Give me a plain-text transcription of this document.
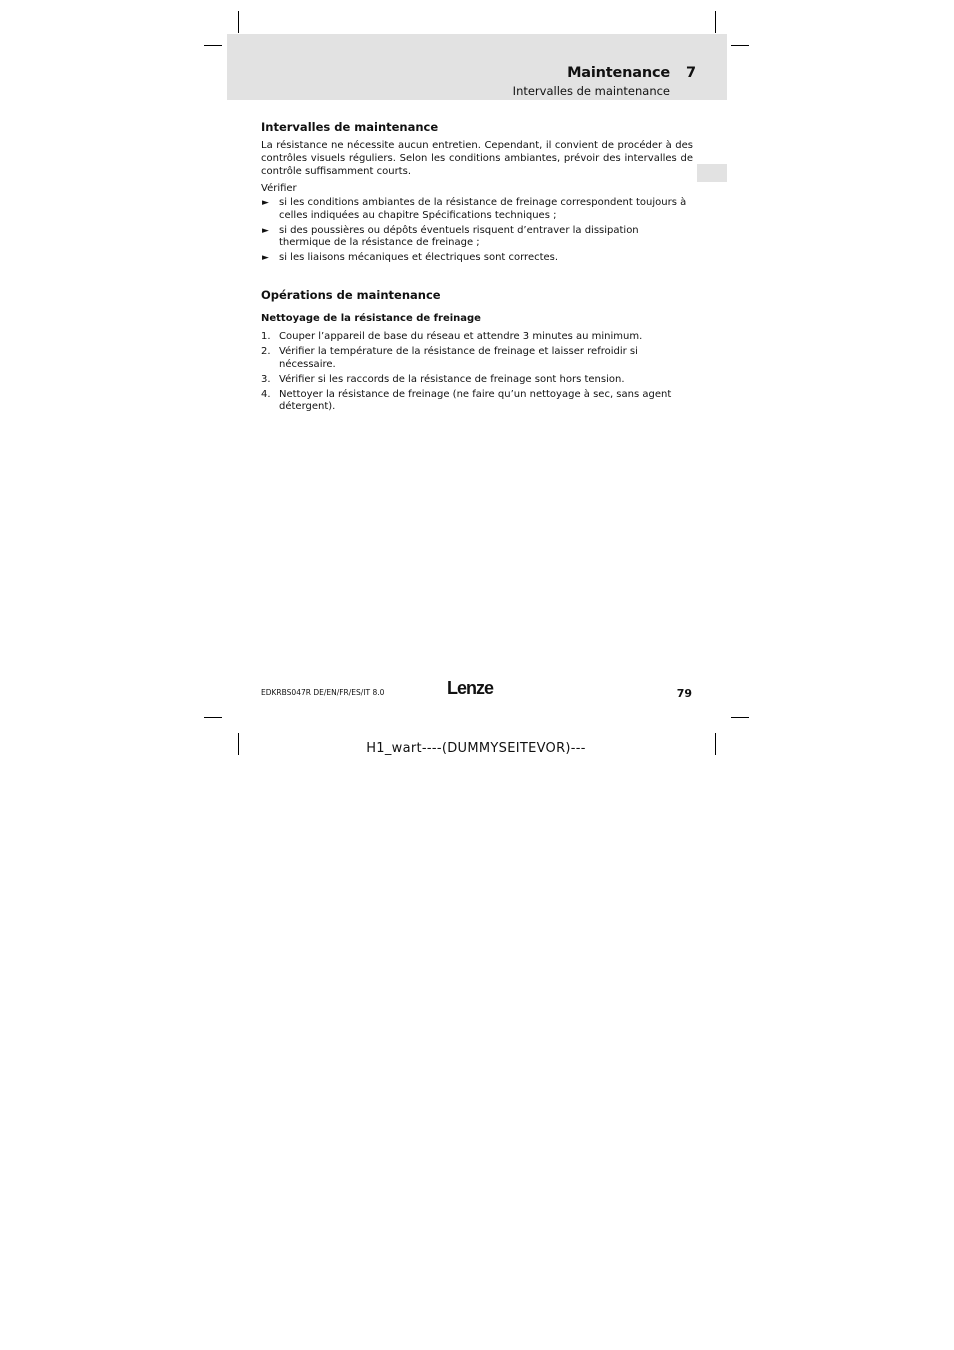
Maintenance 7
Intervalles de maintenance
Intervalles de maintenance
La résistance ne nécessite aucun entretien. Cependant, il convient de procéder à des contrôles visuels réguliers. Selon les conditions ambiantes, prévoir des intervalles de contrôle suffisamment courts.
Vérifier
► si les conditions ambiantes de la résistance de freinage correspondent toujours à celles indiquées au chapitre Spécifications techniques ;
► si des poussières ou dépôts éventuels risquent d’entraver la dissipation thermique de la résistance de freinage ;
► si les liaisons mécaniques et électriques sont correctes.
Opérations de maintenance
Nettoyage de la résistance de freinage
1. Couper l’appareil de base du réseau et attendre 3 minutes au minimum.
2. Vérifier la température de la résistance de freinage et laisser refroidir si nécessaire.
3. Vérifier si les raccords de la résistance de freinage sont hors tension.
4. Nettoyer la résistance de freinage (ne faire qu’un nettoyage à sec, sans agent détergent).
EDKRBS047R DE/EN/FR/ES/IT 8.0	Lenze	79
H1_wart----(DUMMYSEITEVOR)---
